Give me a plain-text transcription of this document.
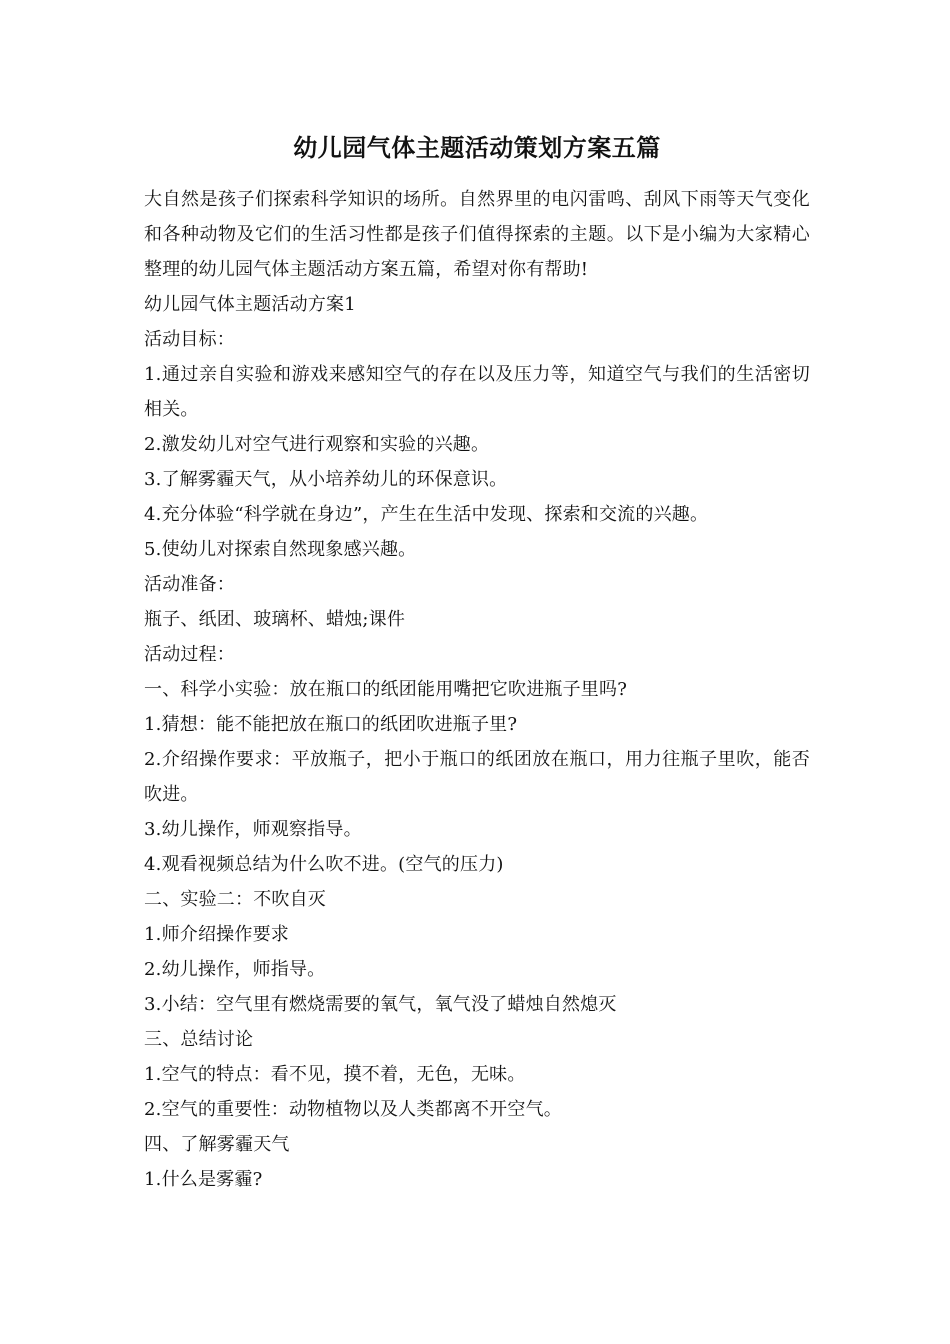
幼儿园气体主题活动策划方案五篇

大自然是孩子们探索科学知识的场所。自然界里的电闪雷鸣、刮风下雨等天气变化和各种动物及它们的生活习性都是孩子们值得探索的主题。以下是小编为大家精心整理的幼儿园气体主题活动方案五篇，希望对你有帮助!

幼儿园气体主题活动方案1

活动目标：

1.通过亲自实验和游戏来感知空气的存在以及压力等，知道空气与我们的生活密切相关。

2.激发幼儿对空气进行观察和实验的兴趣。

3.了解雾霾天气，从小培养幼儿的环保意识。

4.充分体验“科学就在身边”，产生在生活中发现、探索和交流的兴趣。

5.使幼儿对探索自然现象感兴趣。

活动准备：

瓶子、纸团、玻璃杯、蜡烛;课件

活动过程：

一、科学小实验：放在瓶口的纸团能用嘴把它吹进瓶子里吗?

1.猜想：能不能把放在瓶口的纸团吹进瓶子里?

2.介绍操作要求：平放瓶子，把小于瓶口的纸团放在瓶口，用力往瓶子里吹，能否吹进。

3.幼儿操作，师观察指导。

4.观看视频总结为什么吹不进。(空气的压力)

二、实验二：不吹自灭

1.师介绍操作要求

2.幼儿操作，师指导。

3.小结：空气里有燃烧需要的氧气，氧气没了蜡烛自然熄灭

三、总结讨论

1.空气的特点：看不见，摸不着，无色，无味。

2.空气的重要性：动物植物以及人类都离不开空气。

四、了解雾霾天气

1.什么是雾霾?
